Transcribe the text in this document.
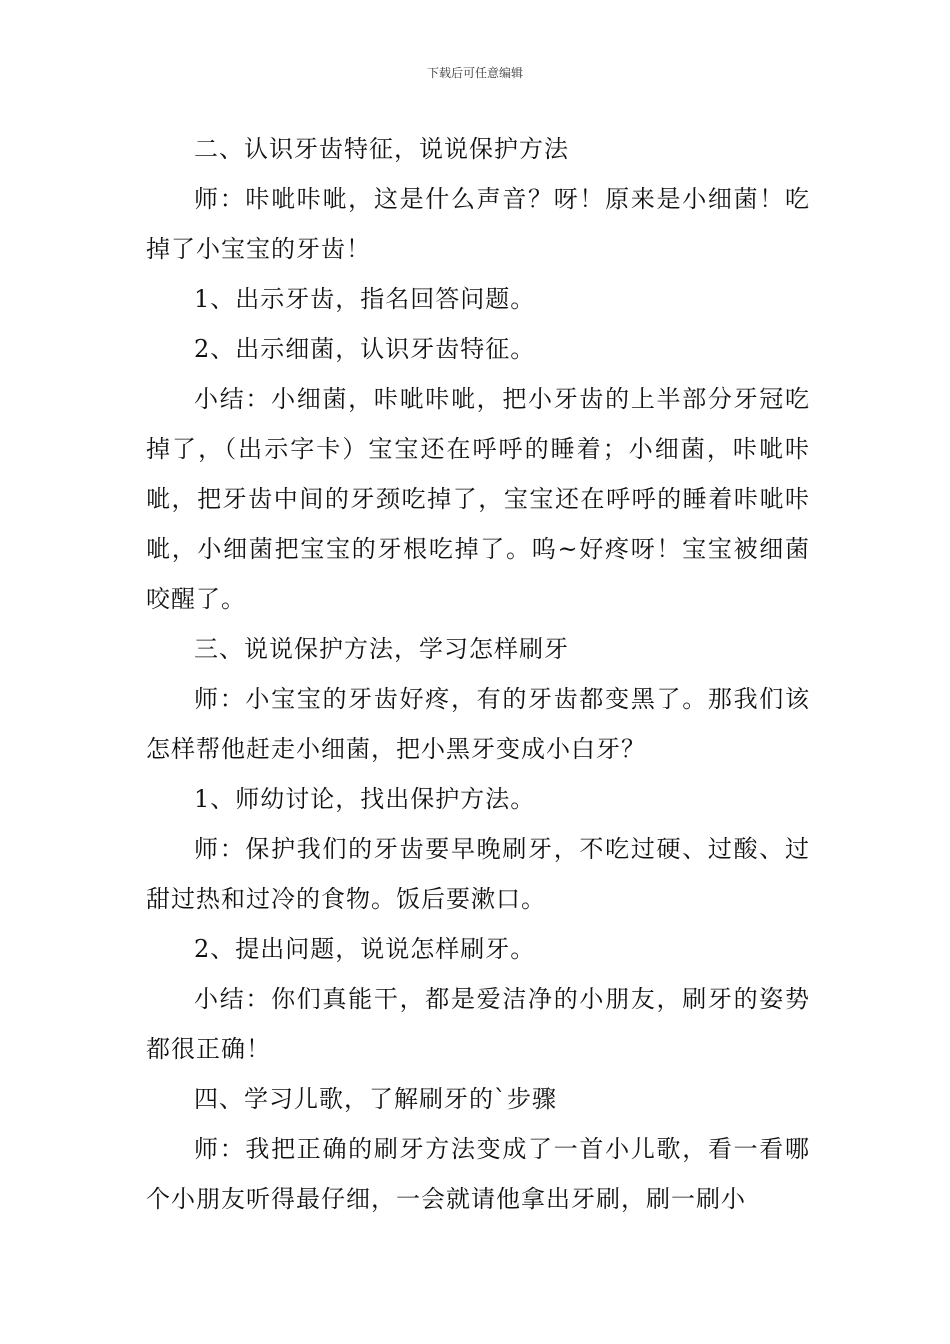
下载后可任意编辑

二、认识牙齿特征，说说保护方法

师：咔呲咔呲，这是什么声音？呀！原来是小细菌！吃掉了小宝宝的牙齿！

1、出示牙齿，指名回答问题。

2、出示细菌，认识牙齿特征。

小结：小细菌，咔呲咔呲，把小牙齿的上半部分牙冠吃掉了，（出示字卡）宝宝还在呼呼的睡着；小细菌，咔呲咔呲，把牙齿中间的牙颈吃掉了，宝宝还在呼呼的睡着咔呲咔呲，小细菌把宝宝的牙根吃掉了。呜~好疼呀！宝宝被细菌咬醒了。

三、说说保护方法，学习怎样刷牙

师：小宝宝的牙齿好疼，有的牙齿都变黑了。那我们该怎样帮他赶走小细菌，把小黑牙变成小白牙？

1、师幼讨论，找出保护方法。

师：保护我们的牙齿要早晚刷牙，不吃过硬、过酸、过甜过热和过冷的食物。饭后要漱口。

2、提出问题，说说怎样刷牙。

小结：你们真能干，都是爱洁净的小朋友，刷牙的姿势都很正确！

四、学习儿歌，了解刷牙的`步骤

师：我把正确的刷牙方法变成了一首小儿歌，看一看哪个小朋友听得最仔细，一会就请他拿出牙刷，刷一刷小
